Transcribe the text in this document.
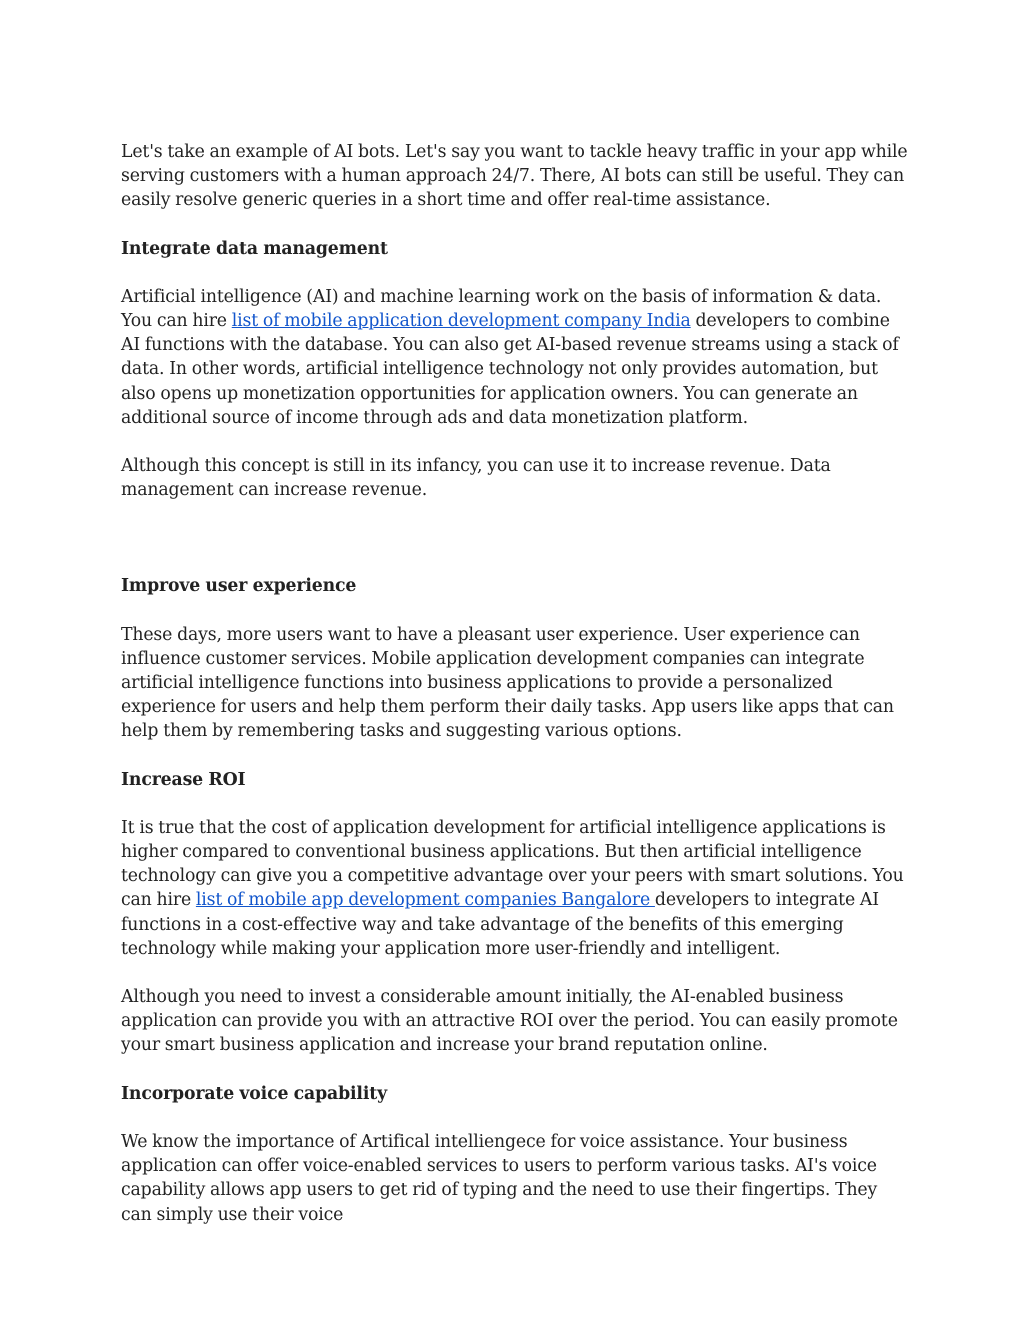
Let's take an example of AI bots. Let's say you want to tackle heavy traffic in your app while serving customers with a human approach 24/7. There, AI bots can still be useful. They can easily resolve generic queries in a short time and offer real-time assistance.

Integrate data management

Artificial intelligence (AI) and machine learning work on the basis of information & data. You can hire list of mobile application development company India developers to combine AI functions with the database. You can also get AI-based revenue streams using a stack of data. In other words, artificial intelligence technology not only provides automation, but also opens up monetization opportunities for application owners. You can generate an additional source of income through ads and data monetization platform.

Although this concept is still in its infancy, you can use it to increase revenue. Data management can increase revenue.

Improve user experience

These days, more users want to have a pleasant user experience. User experience can influence customer services. Mobile application development companies can integrate artificial intelligence functions into business applications to provide a personalized experience for users and help them perform their daily tasks. App users like apps that can help them by remembering tasks and suggesting various options.

Increase ROI

It is true that the cost of application development for artificial intelligence applications is higher compared to conventional business applications. But then artificial intelligence technology can give you a competitive advantage over your peers with smart solutions. You can hire list of mobile app development companies Bangalore developers to integrate AI functions in a cost-effective way and take advantage of the benefits of this emerging technology while making your application more user-friendly and intelligent.

Although you need to invest a considerable amount initially, the AI-enabled business application can provide you with an attractive ROI over the period. You can easily promote your smart business application and increase your brand reputation online.

Incorporate voice capability

We know the importance of Artifical intelliengece for voice assistance. Your business application can offer voice-enabled services to users to perform various tasks. AI's voice capability allows app users to get rid of typing and the need to use their fingertips. They can simply use their voice
